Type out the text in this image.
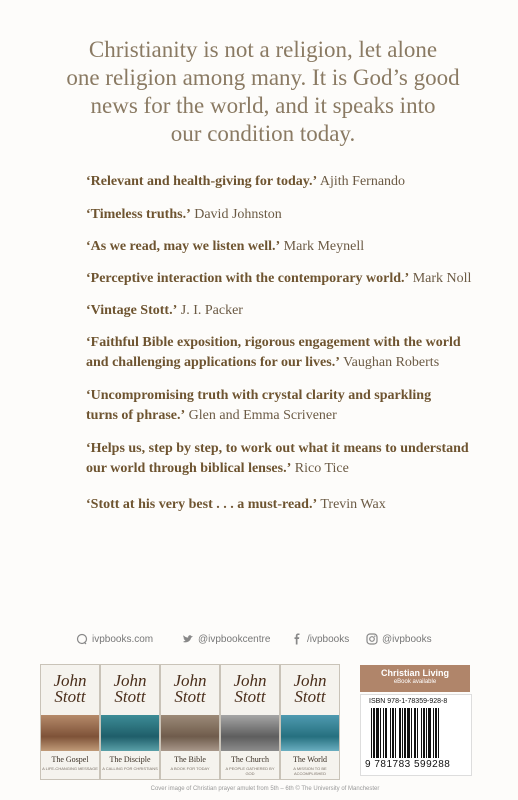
Christianity is not a religion, let alone
one religion among many. It is God’s good
news for the world, and it speaks into
our condition today.
‘Relevant and health-giving for today.’ Ajith Fernando
‘Timeless truths.’ David Johnston
‘As we read, may we listen well.’ Mark Meynell
‘Perceptive interaction with the contemporary world.’ Mark Noll
‘Vintage Stott.’ J. I. Packer
‘Faithful Bible exposition, rigorous engagement with the world
and challenging applications for our lives.’ Vaughan Roberts
‘Uncompromising truth with crystal clarity and sparkling
turns of phrase.’ Glen and Emma Scrivener
‘Helps us, step by step, to work out what it means to understand
our world through biblical lenses.’ Rico Tice
‘Stott at his very best . . . a must-read.’ Trevin Wax
ivpbooks.com	@ivpbookcentre	/ivpbooks	@ivpbooks
John Stott
The Gospel
A LIFE-CHANGING MESSAGE
John Stott
The Disciple
A CALLING FOR CHRISTIANS
John Stott
The Bible
A BOOK FOR TODAY
John Stott
The Church
A PEOPLE GATHERED BY GOD
John Stott
The World
A MISSION TO BE ACCOMPLISHED
Christian Living
eBook available
ISBN 978-1-78359-928-8
9 781783 599288
Cover image of Christian prayer amulet from 5th – 6th © The University of Manchester
